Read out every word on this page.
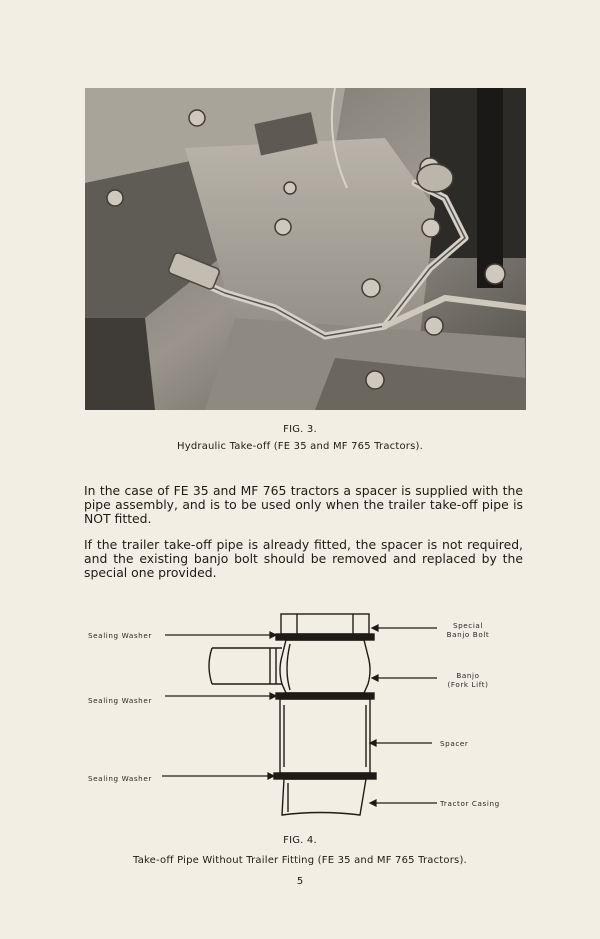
FIG. 3.
Hydraulic Take-off (FE 35 and MF 765 Tractors).

In the case of FE 35 and MF 765 tractors a spacer is supplied with the pipe assembly, and is to be used only when the trailer take-off pipe is NOT fitted.

If the trailer take-off pipe is already fitted, the spacer is not required, and the existing banjo bolt should be removed and replaced by the special one provided.

Sealing Washer
Sealing Washer
Sealing Washer
Special
Banjo Bolt
Banjo
(Fork Lift)
Spacer
Tractor Casing
FIG. 4.
Take-off Pipe Without Trailer Fitting (FE 35 and MF 765 Tractors).
5
